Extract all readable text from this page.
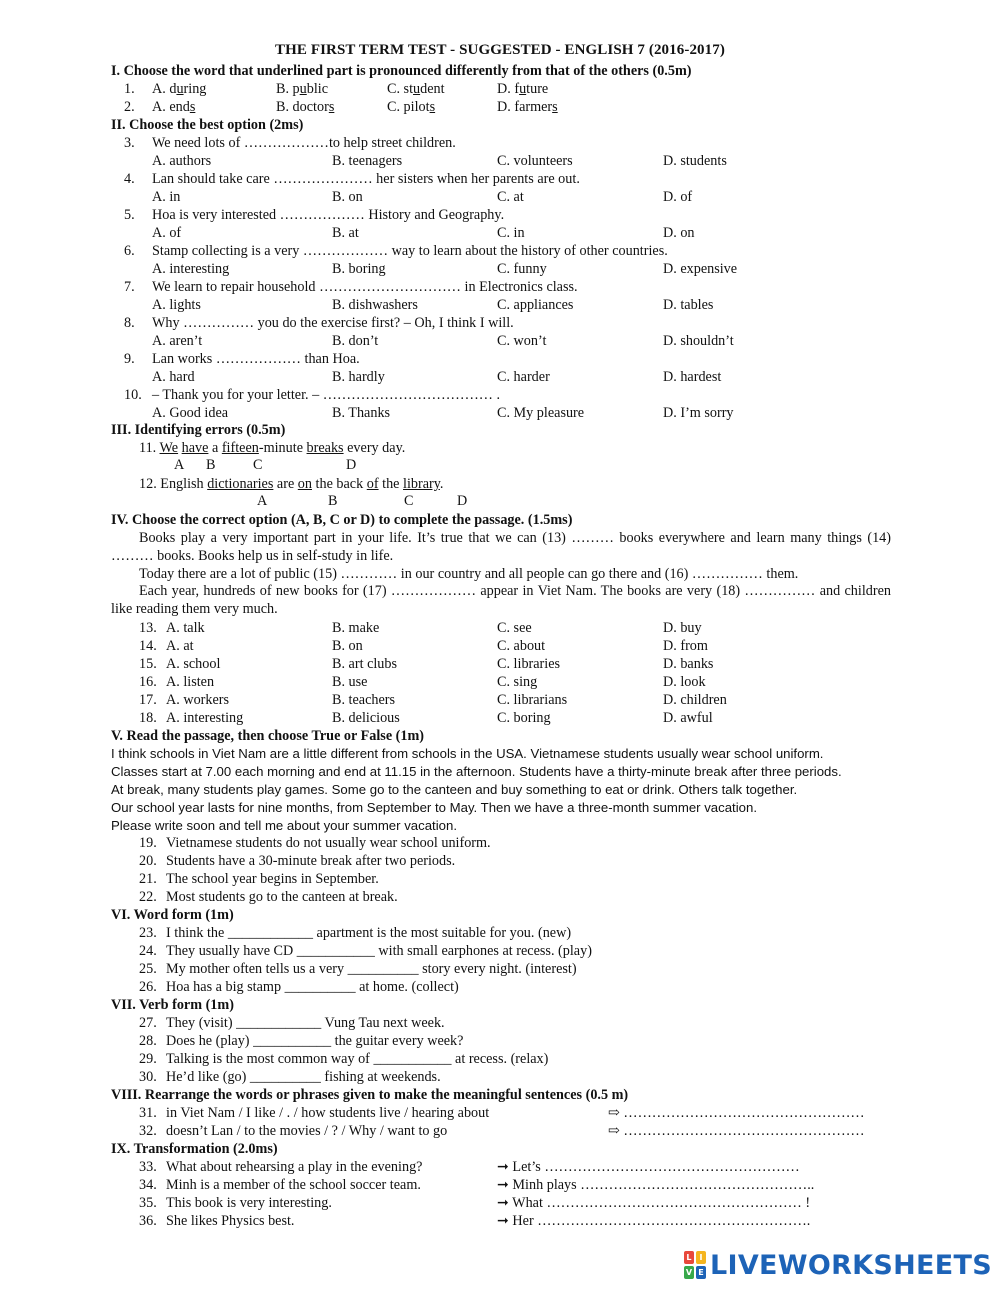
THE FIRST TERM TEST - SUGGESTED - ENGLISH 7 (2016-2017)
I. Choose the word that underlined part is pronounced differently from that of the others (0.5m)
1. A. during	B. public	C. student	D. future
2. A. ends	B. doctors	C. pilots	D. farmers
II. Choose the best option (2ms)
3. We need lots of ………………to help street children.
A. authors	B. teenagers	C. volunteers	D. students
4. Lan should take care ………………… her sisters when her parents are out.
A. in	B. on	C. at	D. of
5. Hoa is very interested ……………… History and Geography.
A. of	B. at	C. in	D. on
6. Stamp collecting is a very ……………… way to learn about the history of other countries.
A. interesting	B. boring	C. funny	D. expensive
7. We learn to repair household ………………………… in Electronics class.
A. lights	B. dishwashers	C. appliances	D. tables
8. Why …………… you do the exercise first? – Oh, I think I will.
A. aren’t	B. don’t	C. won’t	D. shouldn’t
9. Lan works ……………… than Hoa.
A. hard	B. hardly	C. harder	D. hardest
10. – Thank you for your letter. – ……………………………… .
A. Good idea	B. Thanks	C. My pleasure	D. I’m sorry
III. Identifying errors (0.5m)
11. We have a fifteen-minute breaks every day.
A B	C	D
12. English dictionaries are on the back of the library.
A	B	C	D
IV. Choose the correct option (A, B, C or D) to complete the passage. (1.5ms)
Books play a very important part in your life. It’s true that we can (13) ……… books everywhere and learn many things (14) ……… books. Books help us in self-study in life.
Today there are a lot of public (15) ………… in our country and all people can go there and (16) …………… them.
Each year, hundreds of new books for (17) ……………… appear in Viet Nam. The books are very (18) …………… and children like reading them very much.
13. A. talk	B. make	C. see	D. buy
14. A. at	B. on	C. about	D. from
15. A. school	B. art clubs	C. libraries	D. banks
16. A. listen	B. use	C. sing	D. look
17. A. workers	B. teachers	C. librarians	D. children
18. A. interesting	B. delicious	C. boring	D. awful
V. Read the passage, then choose True or False (1m)
I think schools in Viet Nam are a little different from schools in the USA. Vietnamese students usually wear school uniform.
Classes start at 7.00 each morning and end at 11.15 in the afternoon. Students have a thirty-minute break after three periods.
At break, many students play games. Some go to the canteen and buy something to eat or drink. Others talk together.
Our school year lasts for nine months, from September to May. Then we have a three-month summer vacation.
Please write soon and tell me about your summer vacation.
19. Vietnamese students do not usually wear school uniform.
20. Students have a 30-minute break after two periods.
21. The school year begins in September.
22. Most students go to the canteen at break.
VI. Word form (1m)
23. I think the ____________ apartment is the most suitable for you. (new)
24. They usually have CD ___________ with small earphones at recess. (play)
25. My mother often tells us a very __________ story every night. (interest)
26. Hoa has a big stamp __________ at home. (collect)
VII. Verb form (1m)
27. They (visit) ____________ Vung Tau next week.
28. Does he (play) ___________ the guitar every week?
29. Talking is the most common way of ___________ at recess. (relax)
30. He’d like (go) __________ fishing at weekends.
VIII. Rearrange the words or phrases given to make the meaningful sentences (0.5 m)
31. in Viet Nam / I like / . / how students live / hearing about	⇨ ……………………………………………
32. doesn’t Lan / to the movies / ? / Why / want to go	⇨ ……………………………………………
IX. Transformation (2.0ms)
33. What about rehearsing a play in the evening?	➞ Let’s ………………………………………………
34. Minh is a member of the school soccer team.	➞ Minh plays …………………………………………..
35. This book is very interesting.	➞ What ……………………………………………… !
36. She likes Physics best.	➞ Her ………………………………………………….
L I
V E LIVEWORKSHEETS
